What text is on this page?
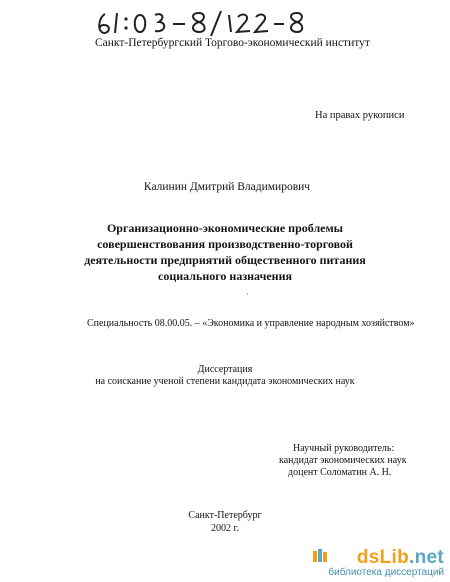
Санкт-Петербургский Торгово-экономический институт
На правах рукописи
Калинин Дмитрий Владимирович
Организационно-экономические проблемы
совершенствования производственно-торговой
деятельности предприятий общественного питания
социального назначения
·
Специальность 08.00.05. – «Экономика и управление народным хозяйством»
Диссертация
на соискание ученой степени кандидата экономических наук
Научный руководитель:
кандидат экономических наук
доцент Соломатин А. Н.
Санкт-Петербург
2002 г.
dsLib.net
библиотека диссертаций
